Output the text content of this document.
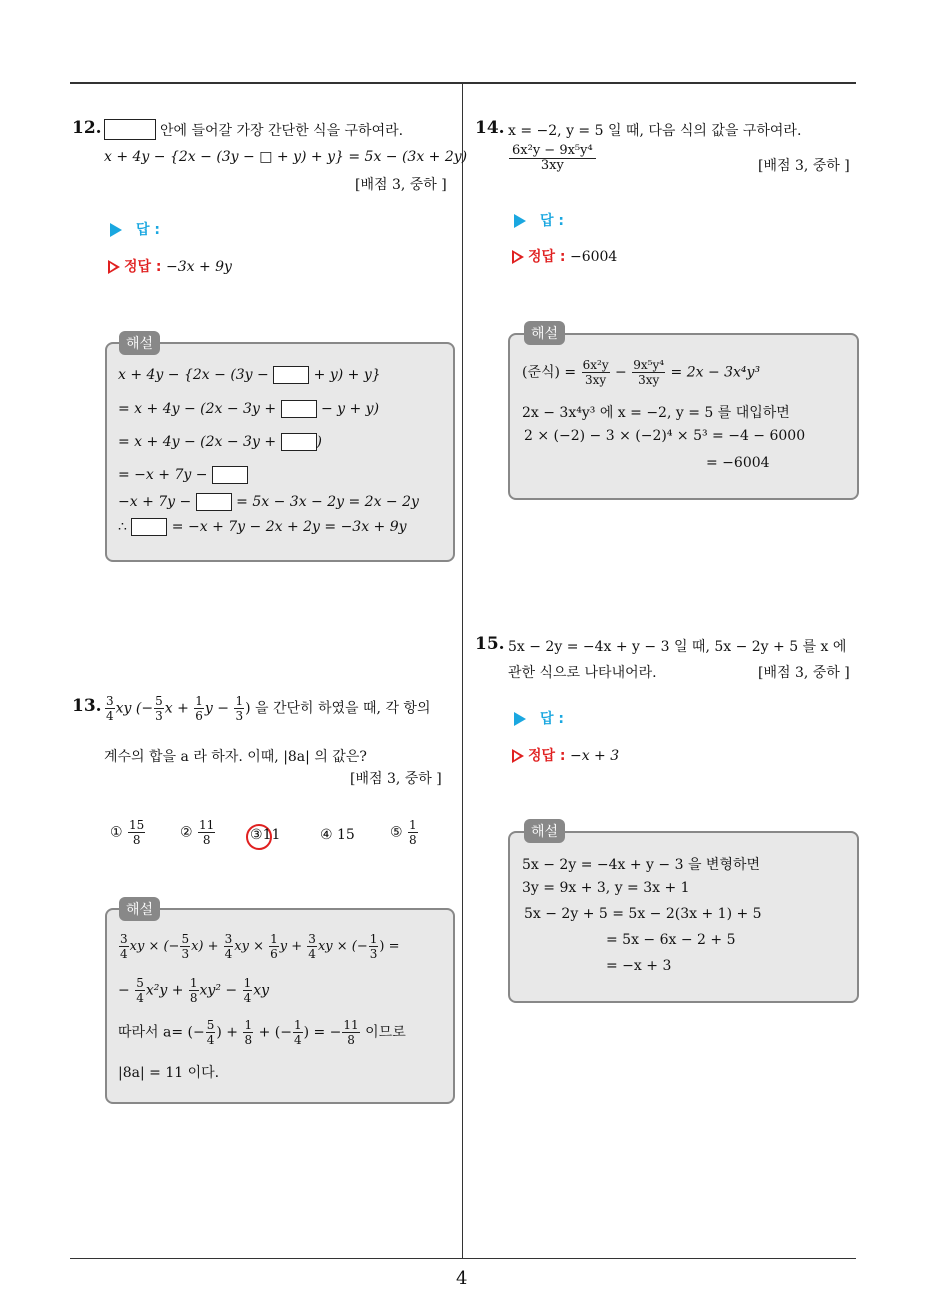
4
12.	안에 들어갈 가장 간단한 식을 구하여라.
x + 4y − {2x − (3y − □ + y) + y} = 5x − (3x + 2y)
[배점 3, 중하 ]
답 :
정답 : −3x + 9y
해설
x + 4y − {2x − (3y −	+ y) + y}
= x + 4y − (2x − 3y +	− y + y)
= x + 4y − (2x − 3y +	)
= −x + 7y −
−x + 7y −	= 5x − 3x − 2y = 2x − 2y
∴	= −x + 7y − 2x + 2y = −3x + 9y
13. $\frac{3}{4}$ xy (− $\frac{5}{3}$ $x + \frac{1}{6}$ $y - \frac{1}{3}$ ) 을 간단히 하였을 때, 각 항의
계수의 합을 a 라 하자. 이때, |8a| 의 값은?
[배점 3, 중하 ]
① $\frac{15}{8}$ ② $\frac{11}{8}$ ③11	④ 15	⑤ $\frac{1}{8}$
해설
$\frac{3}{4}$ xy × (− $\frac{5}{3} x) + \frac{3}{4}$ xy × $\frac{1}{6}$ $y + \frac{3}{4}$ xy × (− $\frac{1}{3}$ ) =
− $\frac{5}{4} x^2y + \frac{1}{8} xy^2 - \frac{1}{4}$ xy
따라서 a= (− $\frac{5}{4}$ ) + $\frac{1}{8}$ + (− $\frac{1}{4}$ ) = − $\frac{11}{8}$ 이므로
|8a| = 11 이다.
14. x = −2, y = 5 일 때, 다음 식의 값을 구하여라.
$\frac{\text{6x²y − 9x⁵y⁴}}{3xy}$	[배점 3, 중하 ]
답 :
정답 : −6004
해설
(준식) = $\frac{\text{6x²y}}{3xy} - \frac{\text{9x⁵y⁴}}{3xy} = 2x - 3x^4y^3$
2x − 3x⁴y³ 에 x = −2, y = 5 를 대입하면
2 × (−2) − 3 × (−2)⁴ × 5³ = −4 − 6000
= −6004
15. 5x − 2y = −4x + y − 3 일 때, 5x − 2y + 5 를 x 에
관한 식으로 나타내어라.	[배점 3, 중하 ]
답 :
정답 : −x + 3
해설
5x − 2y = −4x + y − 3 을 변형하면
3y = 9x + 3, y = 3x + 1
5x − 2y + 5 = 5x − 2(3x + 1) + 5
= 5x − 6x − 2 + 5
= −x + 3
